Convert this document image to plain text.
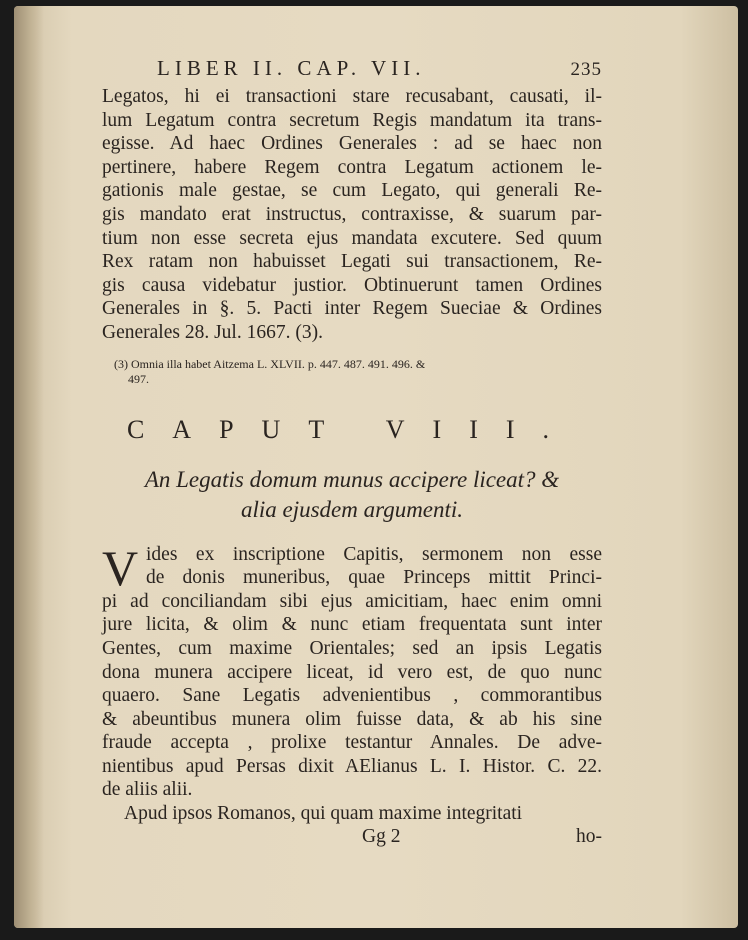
LIBER II. CAP. VII.	235

Legatos, hi ei transactioni stare recusabant, causati, il-
lum Legatum contra secretum Regis mandatum ita trans-
egisse. Ad haec Ordines Generales : ad se haec non
pertinere, habere Regem contra Legatum actionem le-
gationis male gestae, se cum Legato, qui generali Re-
gis mandato erat instructus, contraxisse, & suarum par-
tium non esse secreta ejus mandata excutere. Sed quum
Rex ratam non habuisset Legati sui transactionem, Re-
gis causa videbatur justior. Obtinuerunt tamen Ordines
Generales in §. 5. Pacti inter Regem Sueciae & Ordines
Generales 28. Jul. 1667. (3).

(3) Omnia illa habet Aitzema L. XLVII. p. 447. 487. 491. 496. &
497.
CAPUT VIII.
An Legatis domum munus accipere liceat? &
alia ejusdem argumenti.
V ides ex inscriptione Capitis, sermonem non esse
de donis muneribus, quae Princeps mittit Princi-
pi ad conciliandam sibi ejus amicitiam, haec enim omni
jure licita, & olim & nunc etiam frequentata sunt inter
Gentes, cum maxime Orientales; sed an ipsis Legatis
dona munera accipere liceat, id vero est, de quo nunc
quaero. Sane Legatis advenientibus , commorantibus
& abeuntibus munera olim fuisse data, & ab his sine
fraude accepta , prolixe testantur Annales. De adve-
nientibus apud Persas dixit AElianus L. I. Histor. C. 22.
de aliis alii.

Apud ipsos Romanos, qui quam maxime integritati

Gg 2	ho-
